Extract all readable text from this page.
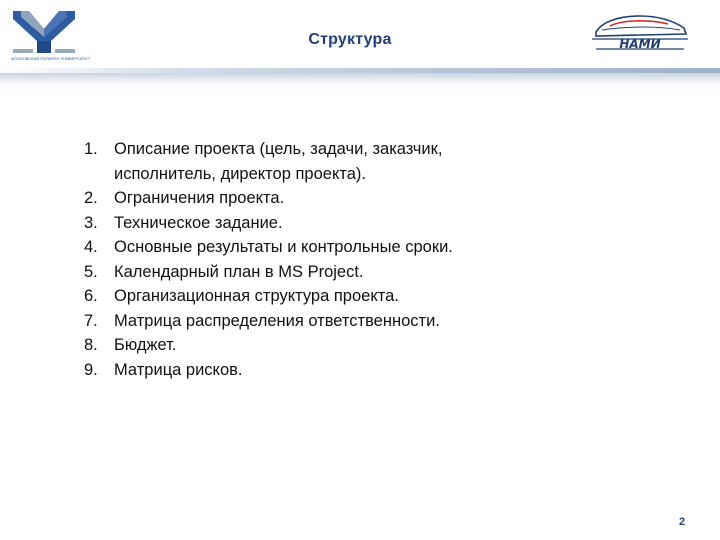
МОСКОВСКИЙ ПОЛИТЕХ УНИВЕРСИТЕТ
Структура	НАМИ
1. Описание проекта (цель, задачи, заказчик,
исполнитель, директор проекта).
2. Ограничения проекта.
3. Техническое задание.
4. Основные результаты и контрольные сроки.
5. Календарный план в MS Project.
6. Организационная структура проекта.
7. Матрица распределения ответственности.
8. Бюджет.
9. Матрица рисков.
2
